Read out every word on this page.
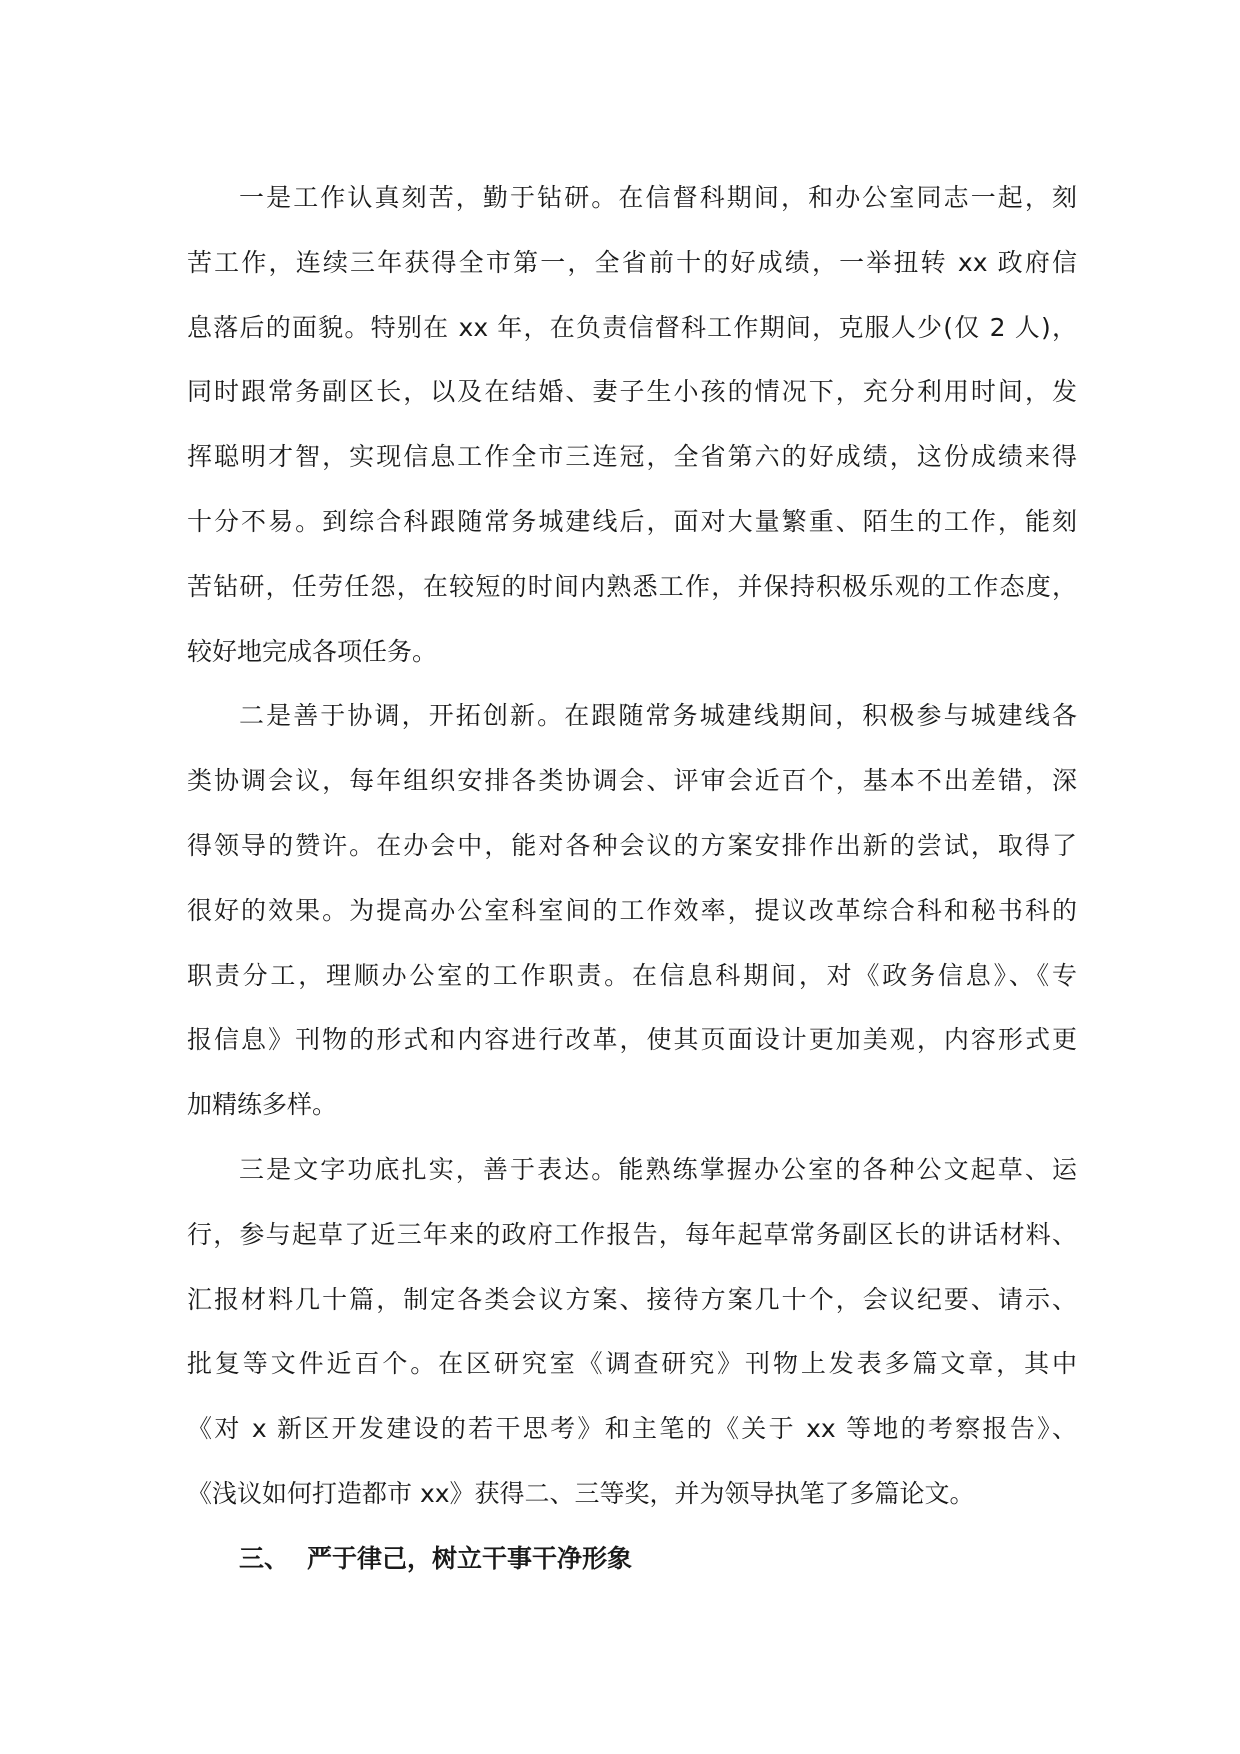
一是工作认真刻苦，勤于钻研。在信督科期间，和办公室同志一起，刻
苦工作，连续三年获得全市第一，全省前十的好成绩，一举扭转 xx 政府信
息落后的面貌。特别在 xx 年，在负责信督科工作期间，克服人少(仅 2 人)，
同时跟常务副区长，以及在结婚、妻子生小孩的情况下，充分利用时间，发
挥聪明才智，实现信息工作全市三连冠，全省第六的好成绩，这份成绩来得
十分不易。到综合科跟随常务城建线后，面对大量繁重、陌生的工作，能刻
苦钻研，任劳任怨，在较短的时间内熟悉工作，并保持积极乐观的工作态度，
较好地完成各项任务。
二是善于协调，开拓创新。在跟随常务城建线期间，积极参与城建线各
类协调会议，每年组织安排各类协调会、评审会近百个，基本不出差错，深
得领导的赞许。在办会中，能对各种会议的方案安排作出新的尝试，取得了
很好的效果。为提高办公室科室间的工作效率，提议改革综合科和秘书科的
职责分工，理顺办公室的工作职责。在信息科期间，对《政务信息》、《专
报信息》刊物的形式和内容进行改革，使其页面设计更加美观，内容形式更
加精练多样。
三是文字功底扎实，善于表达。能熟练掌握办公室的各种公文起草、运
行，参与起草了近三年来的政府工作报告，每年起草常务副区长的讲话材料、
汇报材料几十篇，制定各类会议方案、接待方案几十个，会议纪要、请示、
批复等文件近百个。在区研究室《调查研究》刊物上发表多篇文章，其中
《对 x 新区开发建设的若干思考》和主笔的《关于 xx 等地的考察报告》、
《浅议如何打造都市 xx》获得二、三等奖，并为领导执笔了多篇论文。
三、 严于律己，树立干事干净形象
